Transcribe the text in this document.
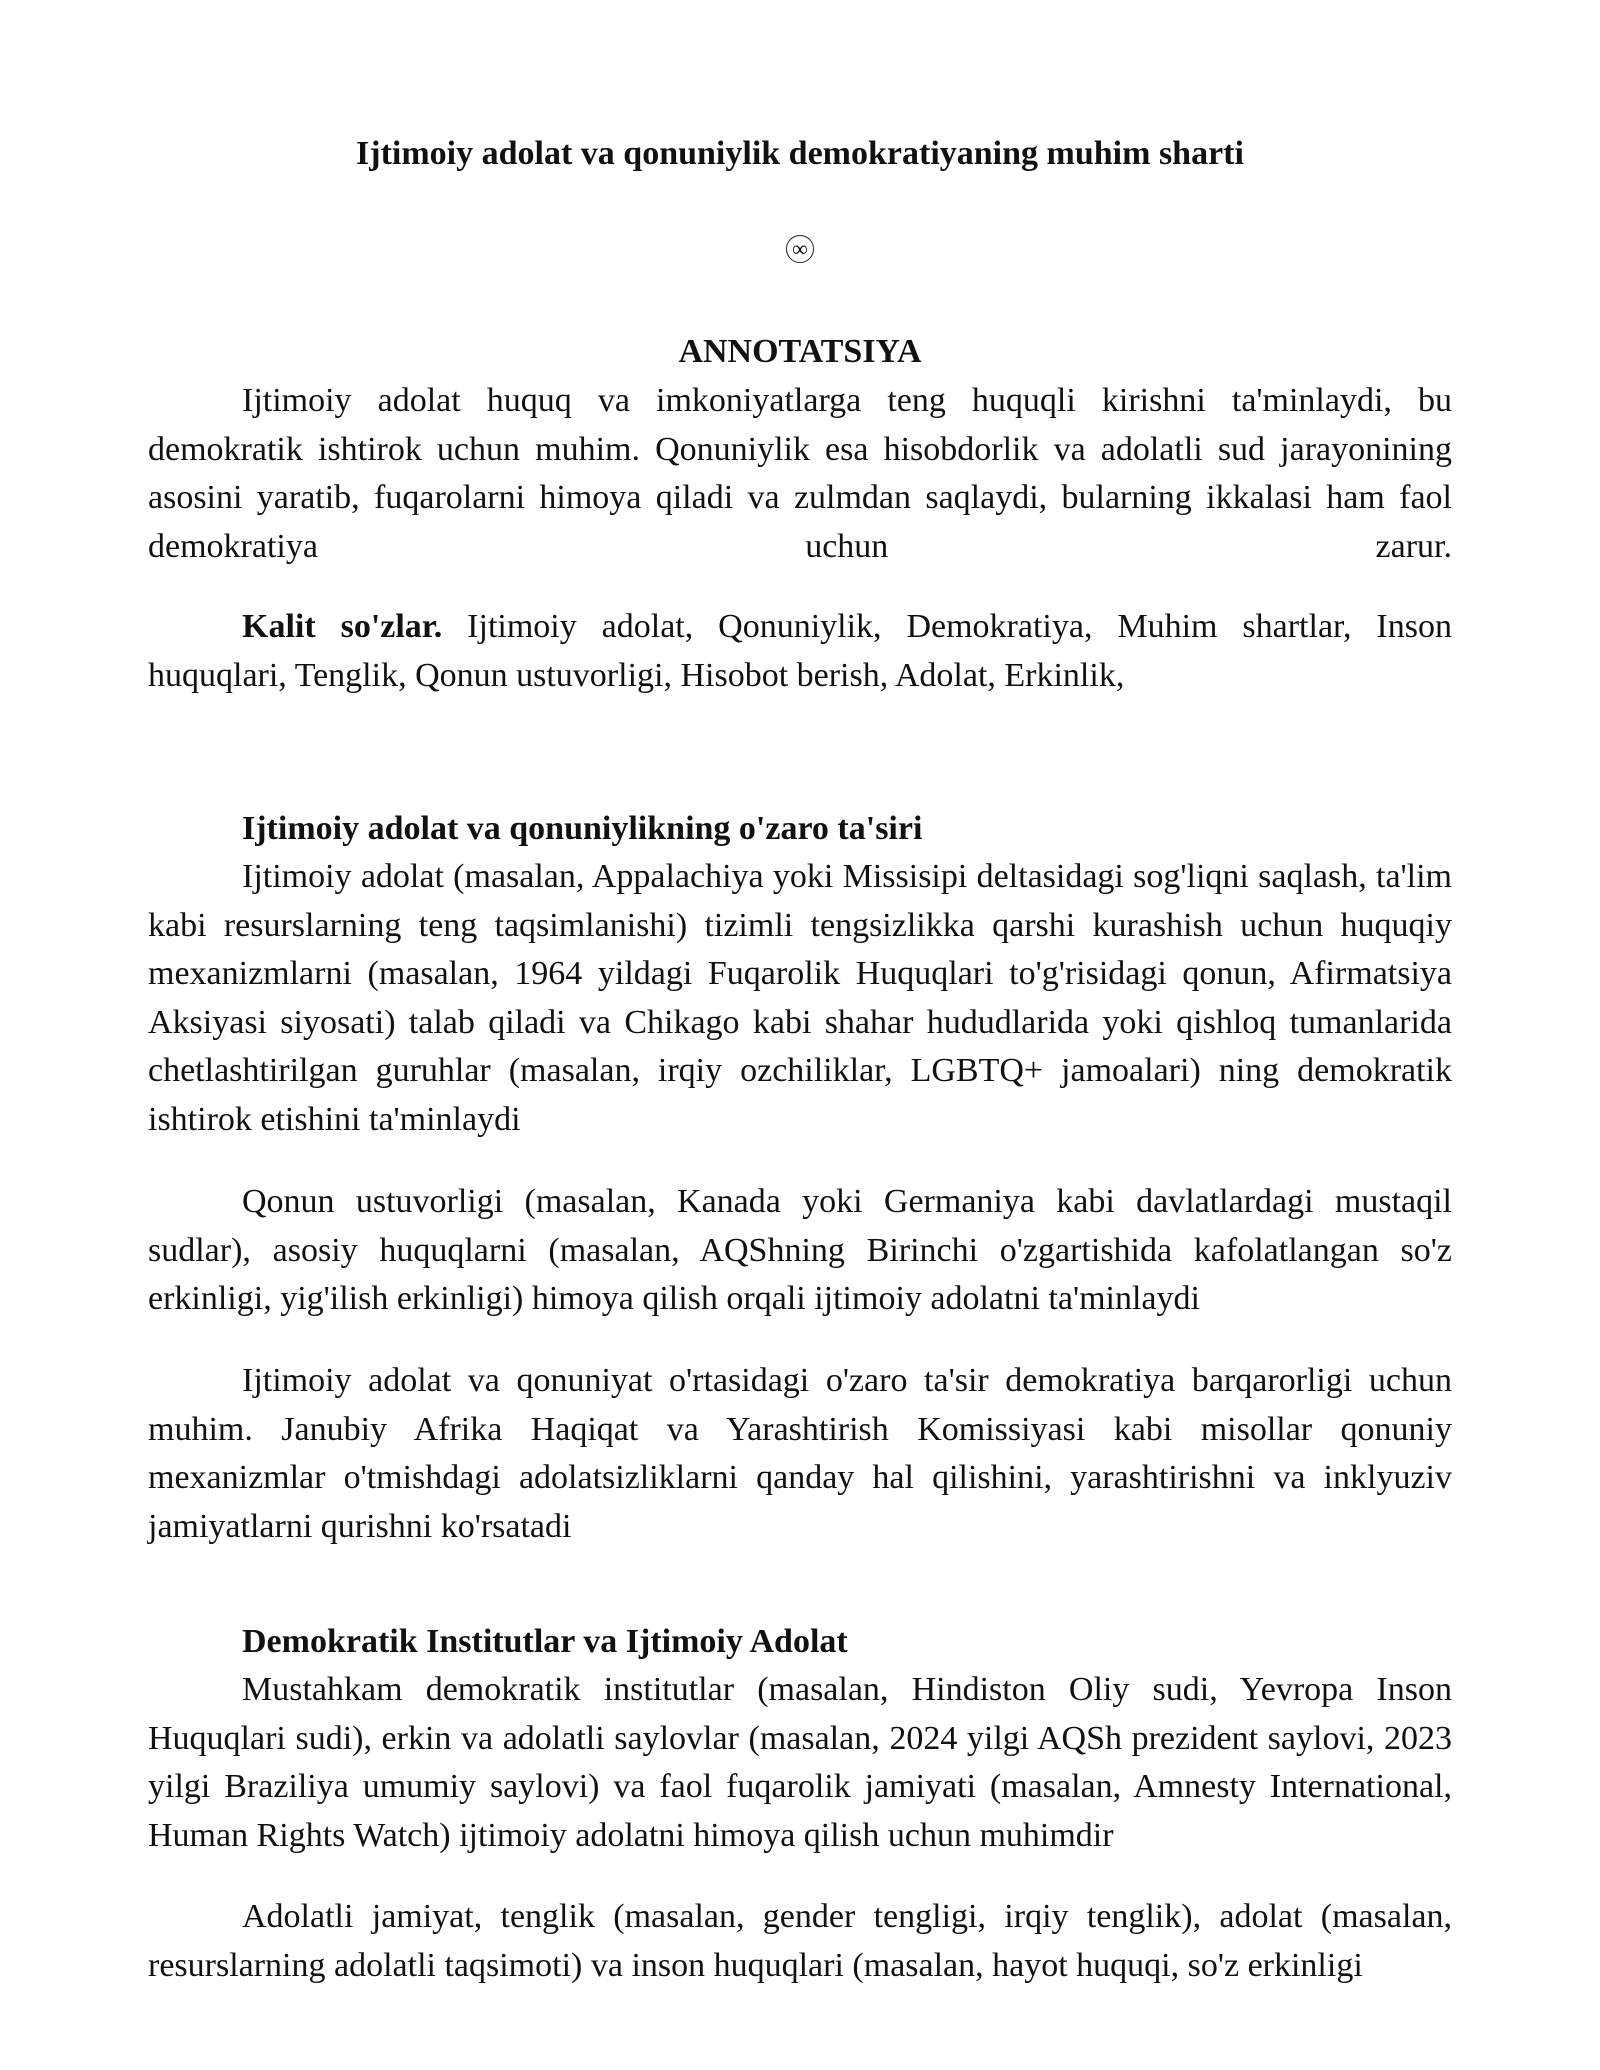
Ijtimoiy adolat va qonuniylik demokratiyaning muhim sharti
∞
ANNOTATSIYA

Ijtimoiy adolat huquq va imkoniyatlarga teng huquqli kirishni ta'minlaydi, bu demokratik ishtirok uchun muhim. Qonuniylik esa hisobdorlik va adolatli sud jarayonining asosini yaratib, fuqarolarni himoya qiladi va zulmdan saqlaydi, bularning ikkalasi ham faol demokratiya uchun zarur.

Kalit so'zlar. Ijtimoiy adolat, Qonuniylik, Demokratiya, Muhim shartlar, Inson huquqlari, Tenglik, Qonun ustuvorligi, Hisobot berish, Adolat, Erkinlik,

Ijtimoiy adolat va qonuniylikning o'zaro ta'siri

Ijtimoiy adolat (masalan, Appalachiya yoki Missisipi deltasidagi sog'liqni saqlash, ta'lim kabi resurslarning teng taqsimlanishi) tizimli tengsizlikka qarshi kurashish uchun huquqiy mexanizmlarni (masalan, 1964 yildagi Fuqarolik Huquqlari to'g'risidagi qonun, Afirmatsiya Aksiyasi siyosati) talab qiladi va Chikago kabi shahar hududlarida yoki qishloq tumanlarida chetlashtirilgan guruhlar (masalan, irqiy ozchiliklar, LGBTQ+ jamoalari) ning demokratik ishtirok etishini ta'minlaydi

Qonun ustuvorligi (masalan, Kanada yoki Germaniya kabi davlatlardagi mustaqil sudlar), asosiy huquqlarni (masalan, AQShning Birinchi o'zgartishida kafolatlangan so'z erkinligi, yig'ilish erkinligi) himoya qilish orqali ijtimoiy adolatni ta'minlaydi

Ijtimoiy adolat va qonuniyat o'rtasidagi o'zaro ta'sir demokratiya barqarorligi uchun muhim. Janubiy Afrika Haqiqat va Yarashtirish Komissiyasi kabi misollar qonuniy mexanizmlar o'tmishdagi adolatsizliklarni qanday hal qilishini, yarashtirishni va inklyuziv jamiyatlarni qurishni ko'rsatadi

Demokratik Institutlar va Ijtimoiy Adolat

Mustahkam demokratik institutlar (masalan, Hindiston Oliy sudi, Yevropa Inson Huquqlari sudi), erkin va adolatli saylovlar (masalan, 2024 yilgi AQSh prezident saylovi, 2023 yilgi Braziliya umumiy saylovi) va faol fuqarolik jamiyati (masalan, Amnesty International, Human Rights Watch) ijtimoiy adolatni himoya qilish uchun muhimdir

Adolatli jamiyat, tenglik (masalan, gender tengligi, irqiy tenglik), adolat (masalan, resurslarning adolatli taqsimoti) va inson huquqlari (masalan, hayot huquqi, so'z erkinligi
